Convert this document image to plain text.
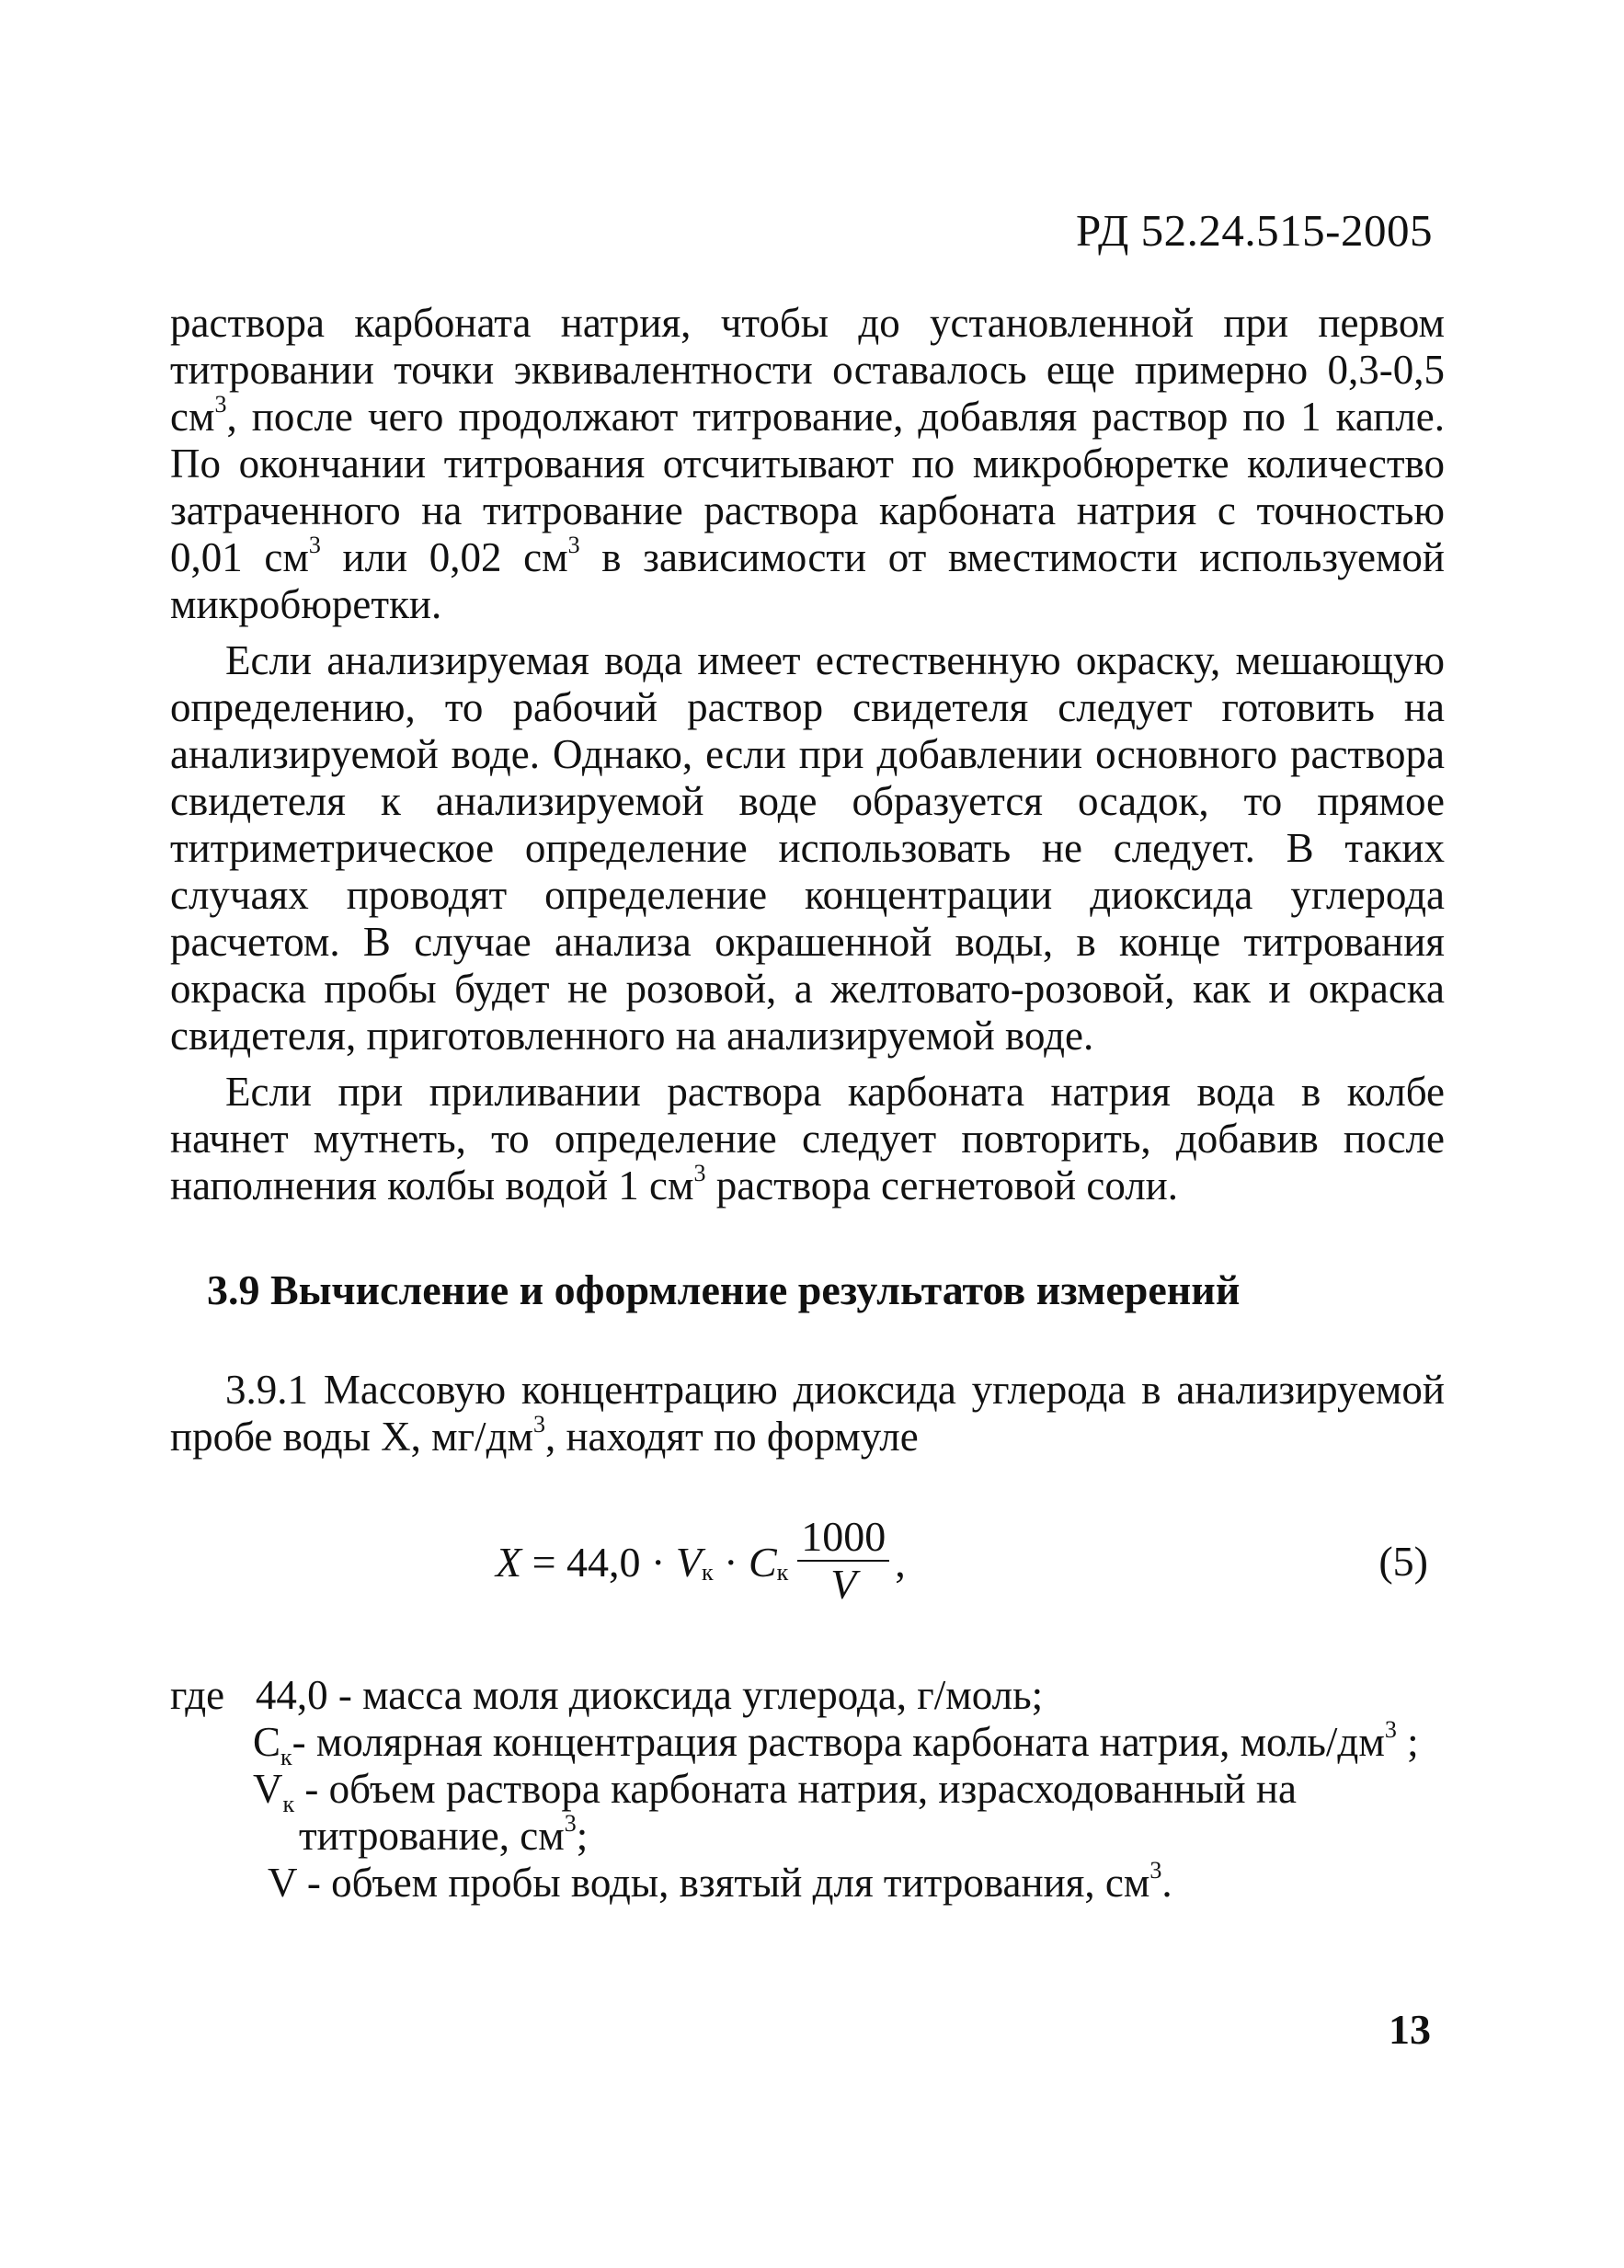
РД 52.24.515-2005

раствора карбоната натрия, чтобы до установленной при первом титровании точки эквивалентности оставалось еще примерно 0,3-0,5 $см^3$, после чего продолжают титрование, добавляя раствор по 1 капле. По окончании титрования отсчитывают по микробюретке количество затраченного на титрование раствора карбоната натрия с точностью 0,01 $см^3$ или 0,02 $см^3$ в зависимости от вместимости используемой микробюретки.

Если анализируемая вода имеет естественную окраску, мешающую определению, то рабочий раствор свидетеля следует готовить на анализируемой воде. Однако, если при добавлении основного раствора свидетеля к анализируемой воде образуется осадок, то прямое титриметрическое определение использовать не следует. В таких случаях проводят определение концентрации диоксида углерода расчетом. В случае анализа окрашенной воды, в конце титрования окраска пробы будет не розовой, а желтовато-розовой, как и окраска свидетеля, приготовленного на анализируемой воде.

Если при приливании раствора карбоната натрия вода в колбе начнет мутнеть, то определение следует повторить, добавив после наполнения колбы водой 1 $см^3$ раствора сегнетовой соли.

3.9 Вычисление и оформление результатов измерений

3.9.1 Массовую концентрацию диоксида углерода в анализируемой пробе воды Х, $мг/дм^3$, находят по формуле

$X = 44,0 \cdot V_к \cdot C_к \frac{1000}{V}$ ,	(5)
где 44,0 - масса моля диоксида углерода, г/моль;
$С_к-$ молярная концентрация раствора карбоната натрия, моль/$дм^3$ ;
$V_к$ - объем раствора карбоната натрия, израсходованный на
титрование, $см^3$;
V - объем пробы воды, взятый для титрования, $см^3$.
13
